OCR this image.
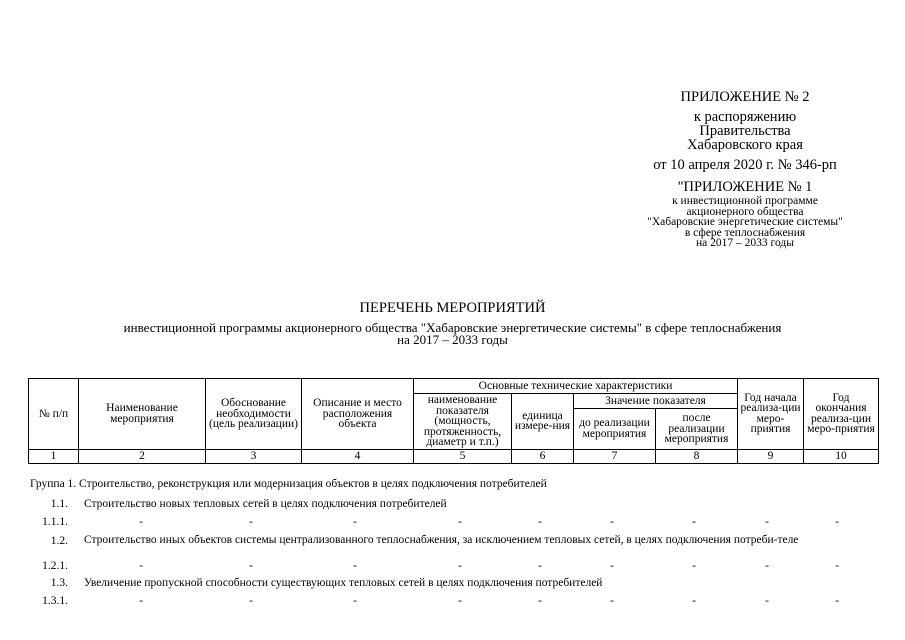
ПРИЛОЖЕНИЕ № 2
к распоряжению
Правительства
Хабаровского края
от 10 апреля 2020 г. № 346-рп
"ПРИЛОЖЕНИЕ № 1
к инвестиционной программе
акционерного общества
"Хабаровские энергетические системы"
в сфере теплоснабжения
на 2017 – 2033 годы
ПЕРЕЧЕНЬ МЕРОПРИЯТИЙ
инвестиционной программы акционерного общества "Хабаровские энергетические системы" в сфере теплоснабжения
на 2017 – 2033 годы
№ п/п	Наименование мероприятия	Обоснование необходимости (цель реализации)	Описание и место расположения объекта	Основные технические характеристики				Год начала реализа-ции меро-приятия	Год окончания реализа-ции меро-приятия
				наименование показателя (мощность, протяженность, диаметр и т.п.)	единица измере-ния	Значение показателя			
						до реализации мероприятия	после реализации мероприятия		
1	2	3	4	5	6	7	8	9	10
Группа 1. Строительство, реконструкция или модернизация объектов в целях подключения потребителей
1.1. Строительство новых тепловых сетей в целях подключения потребителей
1.1.1.	-	-	-	-	-	-	-	-	-
1.2. Строительство иных объектов системы централизованного теплоснабжения, за исключением тепловых сетей, в целях подключения потреби-теле
1.2.1.	-	-	-	-	-	-	-	-	-
1.3. Увеличение пропускной способности существующих тепловых сетей в целях подключения потребителей
1.3.1.	-	-	-	-	-	-	-	-	-
